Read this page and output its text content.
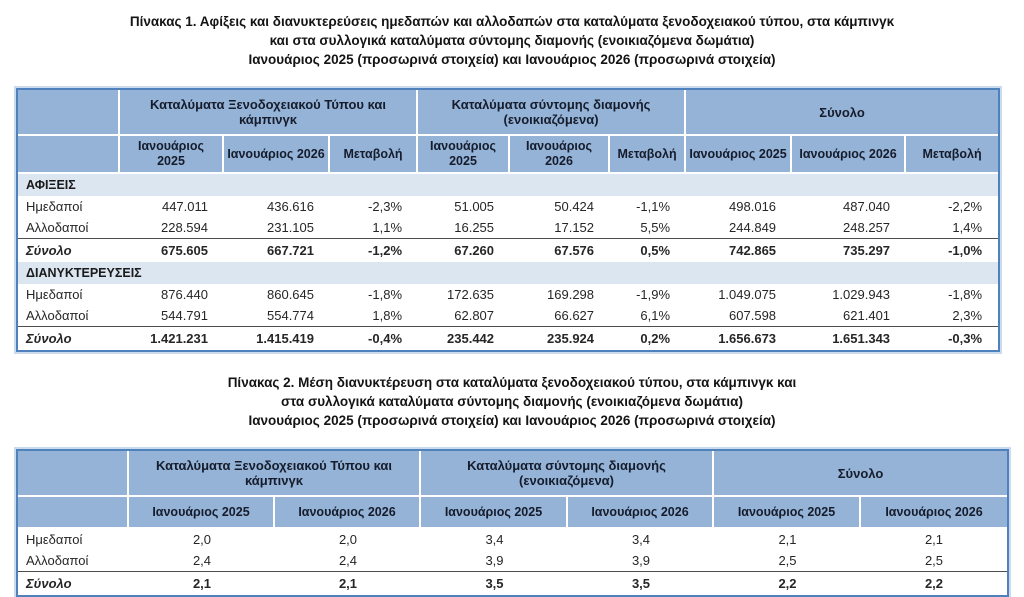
Πίνακας 1. Αφίξεις και διανυκτερεύσεις ημεδαπών και αλλοδαπών στα καταλύματα ξενοδοχειακού τύπου, στα κάμπινγκ
και στα συλλογικά καταλύματα σύντομης διαμονής (ενοικιαζόμενα δωμάτια)
Ιανουάριος 2025 (προσωρινά στοιχεία) και Ιανουάριος 2026 (προσωρινά στοιχεία)
	Καταλύματα Ξενοδοχειακού Τύπου και κάμπινγκ			Καταλύματα σύντομης διαμονής (ενοικιαζόμενα)			Σύνολο		
	Ιανουάριος 2025	Ιανουάριος 2026	Μεταβολή	Ιανουάριος 2025	Ιανουάριος 2026	Μεταβολή	Ιανουάριος 2025	Ιανουάριος 2026	Μεταβολή
ΑΦΙΞΕΙΣ									
Ημεδαποί	447.011	436.616	-2,3%	51.005	50.424	-1,1%	498.016	487.040	-2,2%
Αλλοδαποί	228.594	231.105	1,1%	16.255	17.152	5,5%	244.849	248.257	1,4%
Σύνολο	675.605	667.721	-1,2%	67.260	67.576	0,5%	742.865	735.297	-1,0%
ΔΙΑΝΥΚΤΕΡΕΥΣΕΙΣ									
Ημεδαποί	876.440	860.645	-1,8%	172.635	169.298	-1,9%	1.049.075	1.029.943	-1,8%
Αλλοδαποί	544.791	554.774	1,8%	62.807	66.627	6,1%	607.598	621.401	2,3%
Σύνολο	1.421.231	1.415.419	-0,4%	235.442	235.924	0,2%	1.656.673	1.651.343	-0,3%
Πίνακας 2. Μέση διανυκτέρευση στα καταλύματα ξενοδοχειακού τύπου, στα κάμπινγκ και
στα συλλογικά καταλύματα σύντομης διαμονής (ενοικιαζόμενα δωμάτια)
Ιανουάριος 2025 (προσωρινά στοιχεία) και Ιανουάριος 2026 (προσωρινά στοιχεία)
	Καταλύματα Ξενοδοχειακού Τύπου και κάμπινγκ		Καταλύματα σύντομης διαμονής (ενοικιαζόμενα)		Σύνολο	
	Ιανουάριος 2025	Ιανουάριος 2026	Ιανουάριος 2025	Ιανουάριος 2026	Ιανουάριος 2025	Ιανουάριος 2026
Ημεδαποί	2,0	2,0	3,4	3,4	2,1	2,1
Αλλοδαποί	2,4	2,4	3,9	3,9	2,5	2,5
Σύνολο	2,1	2,1	3,5	3,5	2,2	2,2
